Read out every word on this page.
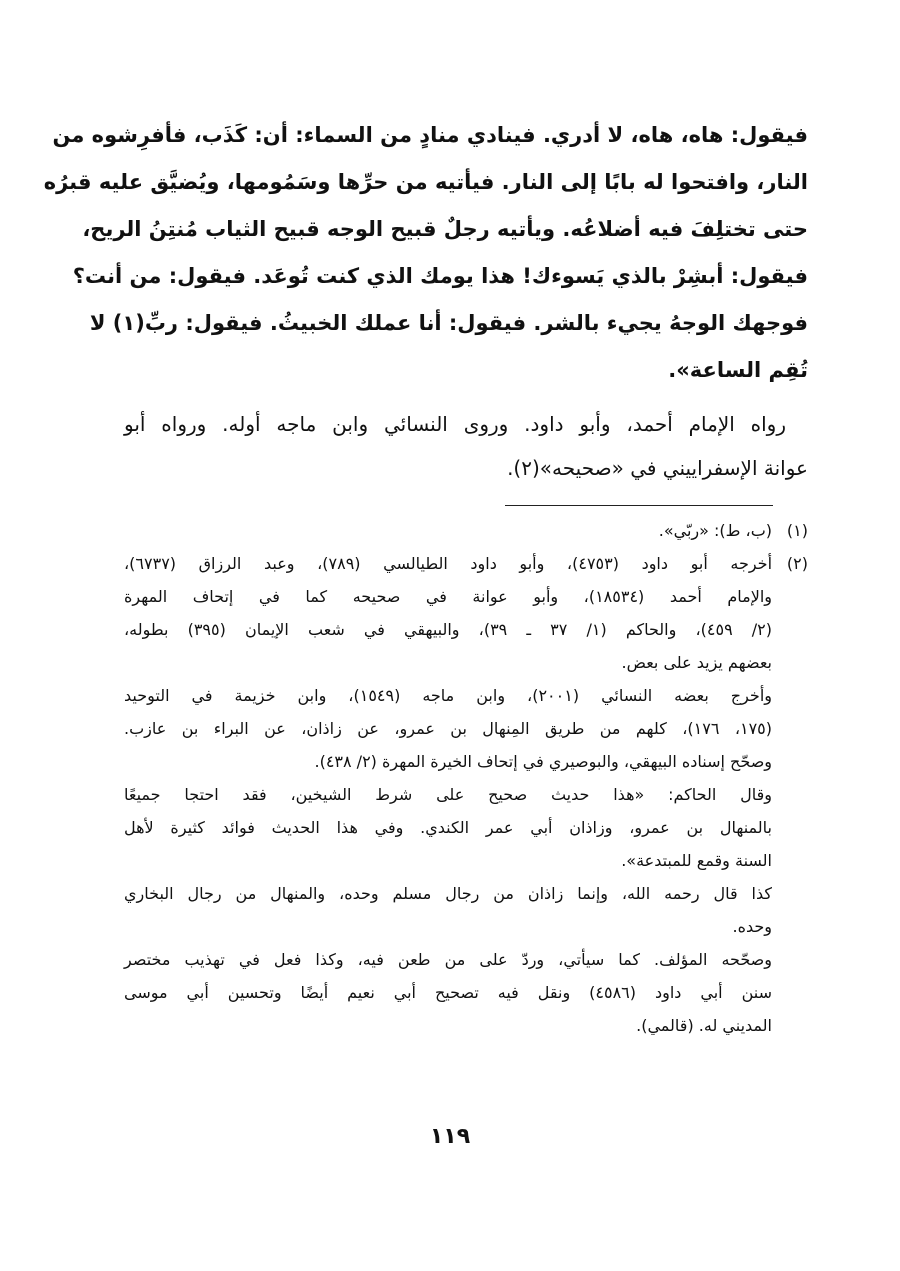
فيقول: هاه، هاه، لا أدري. فينادي منادٍ من السماء: أن: كَذَب، فأفرِشوه من
النار، وافتحوا له بابًا إلى النار. فيأتيه من حرِّها وسَمُومها، ويُضيَّق عليه قبرُه
حتى تختلِفَ فيه أضلاعُه. ويأتيه رجلٌ قبيح الوجه قبيح الثياب مُنتِنُ الريح،
فيقول: أبشِرْ بالذي يَسوءك! هذا يومك الذي كنت تُوعَد. فيقول: من أنت؟
فوجهك الوجهُ يجيء بالشر. فيقول: أنا عملك الخبيثُ. فيقول: ربِّ(١) لا
تُقِم الساعة».
رواه الإمام أحمد، وأبو داود. وروى النسائي وابن ماجه أوله. ورواه أبو
عوانة الإسفراييني في «صحيحه»(٢).
(١)
(ب، ط): «ربّي».
(٢)
أخرجه أبو داود (٤٧٥٣)، وأبو داود الطيالسي (٧٨٩)، وعبد الرزاق (٦٧٣٧)،
والإمام أحمد (١٨٥٣٤)، وأبو عوانة في صحيحه كما في إتحاف المهرة
(٢/ ٤٥٩)، والحاكم (١/ ٣٧ ـ ٣٩)، والبيهقي في شعب الإيمان (٣٩٥) بطوله،
بعضهم يزيد على بعض.
وأخرج بعضه النسائي (٢٠٠١)، وابن ماجه (١٥٤٩)، وابن خزيمة في التوحيد
(١٧٥، ١٧٦)، كلهم من طريق المِنهال بن عمرو، عن زاذان، عن البراء بن عازب.
وصحّح إسناده البيهقي، والبوصيري في إتحاف الخيرة المهرة (٢/ ٤٣٨).
وقال الحاكم: «هذا حديث صحيح على شرط الشيخين، فقد احتجا جميعًا
بالمنهال بن عمرو، وزاذان أبي عمر الكندي. وفي هذا الحديث فوائد كثيرة لأهل
السنة وقمع للمبتدعة».
كذا قال رحمه الله، وإنما زاذان من رجال مسلم وحده، والمنهال من رجال البخاري
وحده.
وصحّحه المؤلف. كما سيأتي، وردّ على من طعن فيه، وكذا فعل في تهذيب مختصر
سنن أبي داود (٤٥٨٦) ونقل فيه تصحيح أبي نعيم أيضًا وتحسين أبي موسى
المديني له. (قالمي).
١١٩
